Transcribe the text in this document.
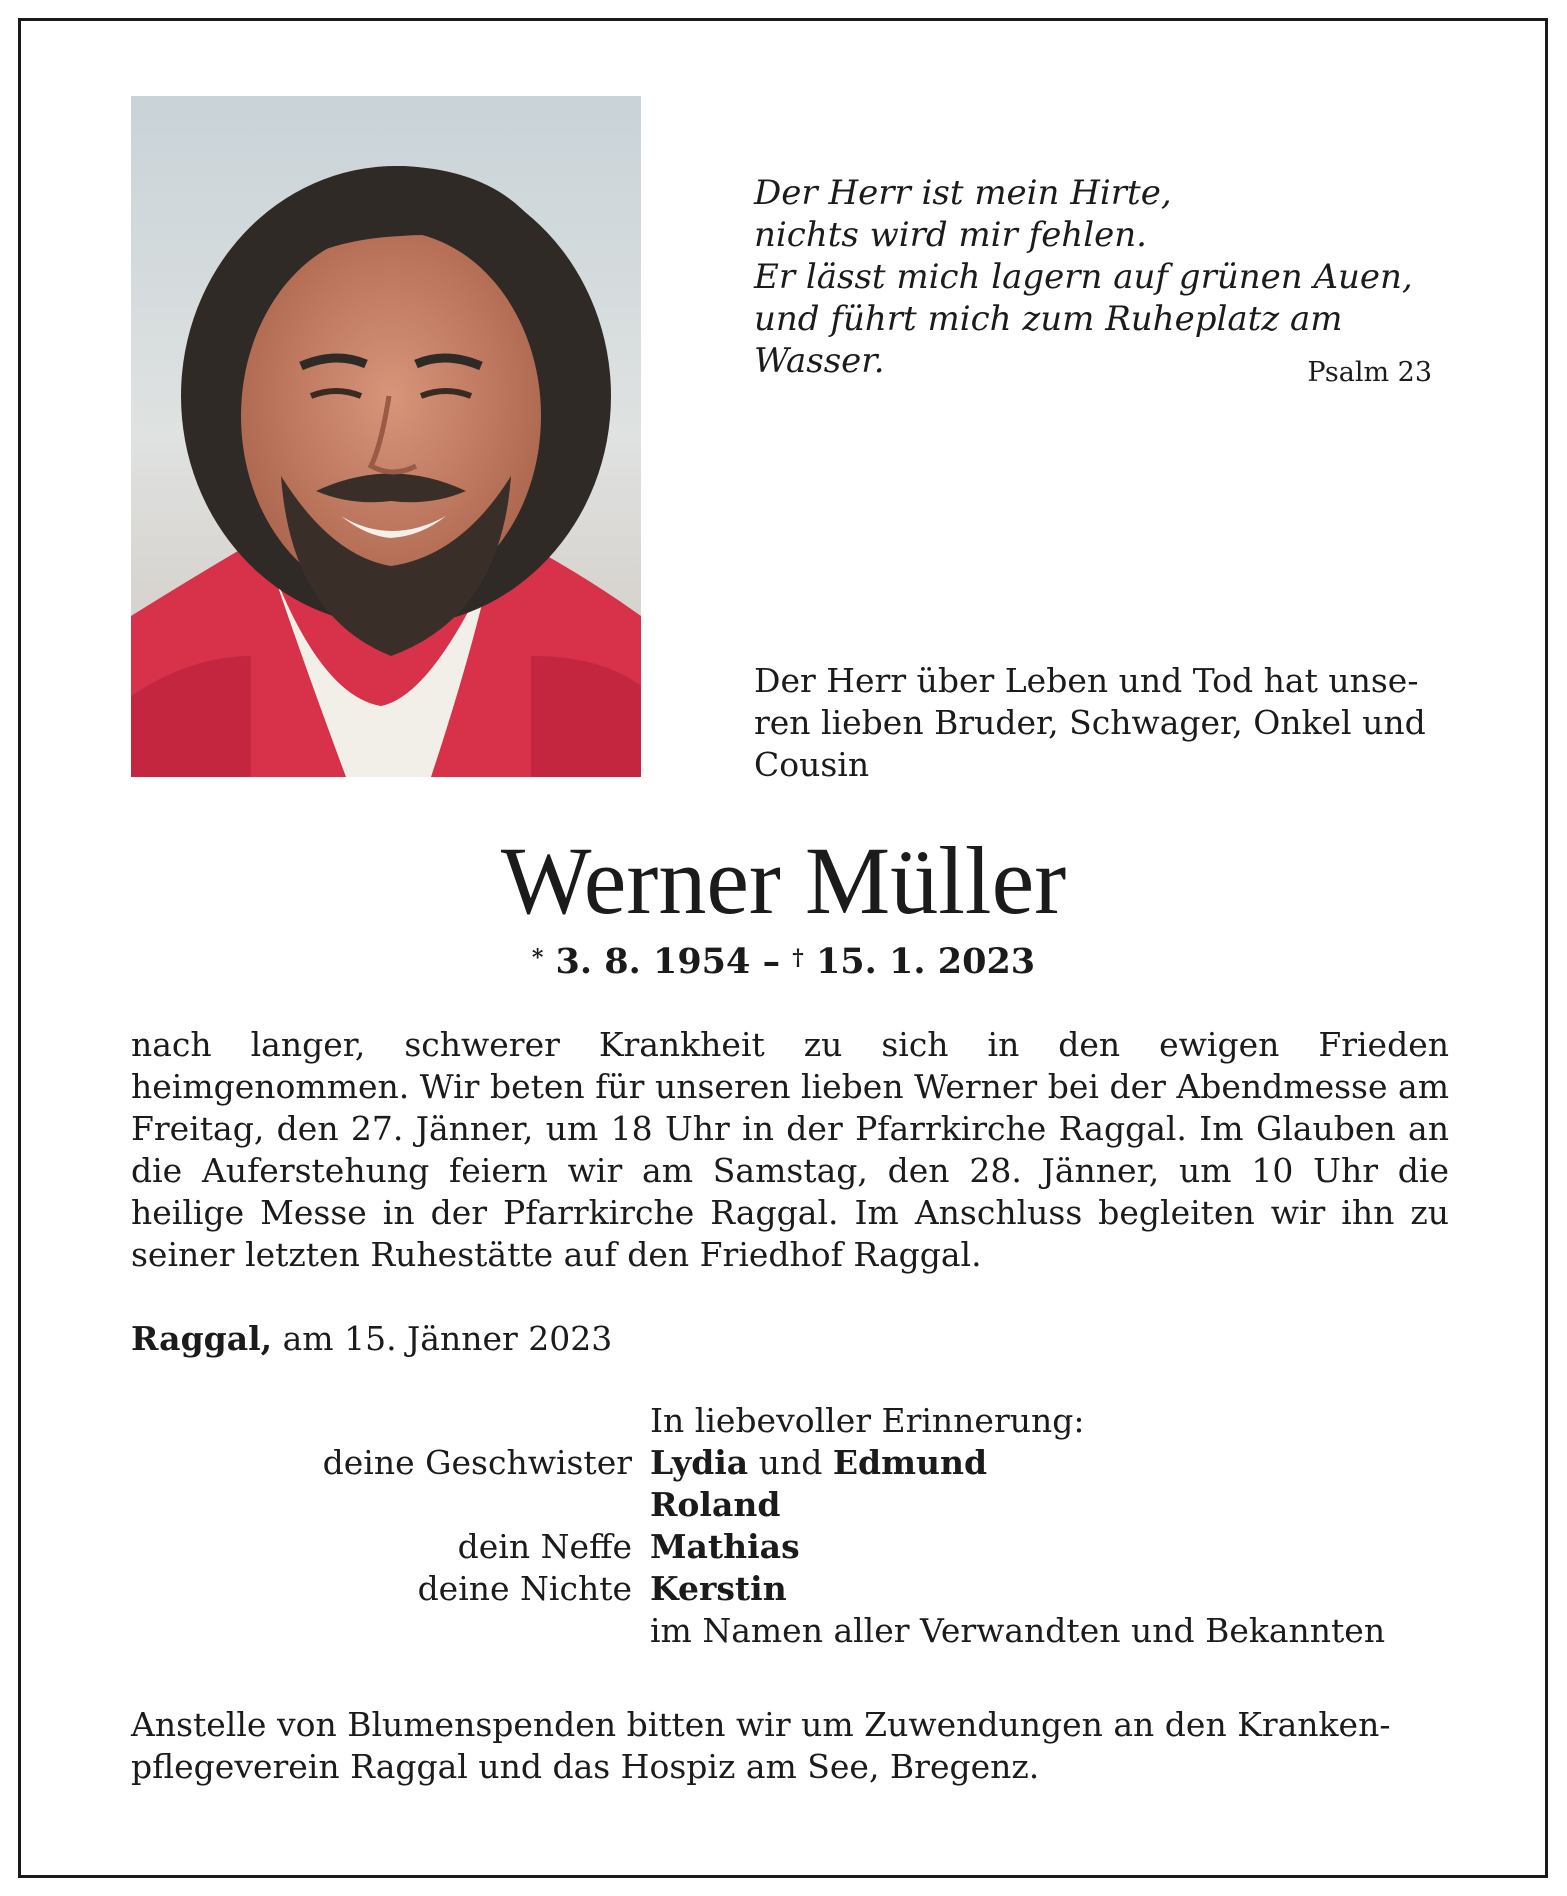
Der Herr ist mein Hirte,
nichts wird mir fehlen.
Er lässt mich lagern auf grünen Auen,
und führt mich zum Ruheplatz am Wasser.	Psalm 23
Der Herr über Leben und Tod hat unse-
ren lieben Bruder, Schwager, Onkel und
Cousin
Werner Müller
* 3. 8. 1954 – † 15. 1. 2023
nach langer, schwerer Krankheit zu sich in den ewigen Frieden heimgenommen. Wir beten für unseren lieben Werner bei der Abendmesse am Freitag, den 27. Jänner, um 18 Uhr in der Pfarrkirche Raggal. Im Glauben an die Auferstehung feiern wir am Samstag, den 28. Jänner, um 10 Uhr die heilige Messe in der Pfarrkirche Raggal. Im Anschluss begleiten wir ihn zu seiner letzten Ruhestätte auf den Friedhof Raggal.
Raggal, am 15. Jänner 2023
In liebevoller Erinnerung:
deine Geschwister Lydia und Edmund
Roland
dein Neffe Mathias
deine Nichte Kerstin
im Namen aller Verwandten und Bekannten
Anstelle von Blumenspenden bitten wir um Zuwendungen an den Kranken-
pflegeverein Raggal und das Hospiz am See, Bregenz.
